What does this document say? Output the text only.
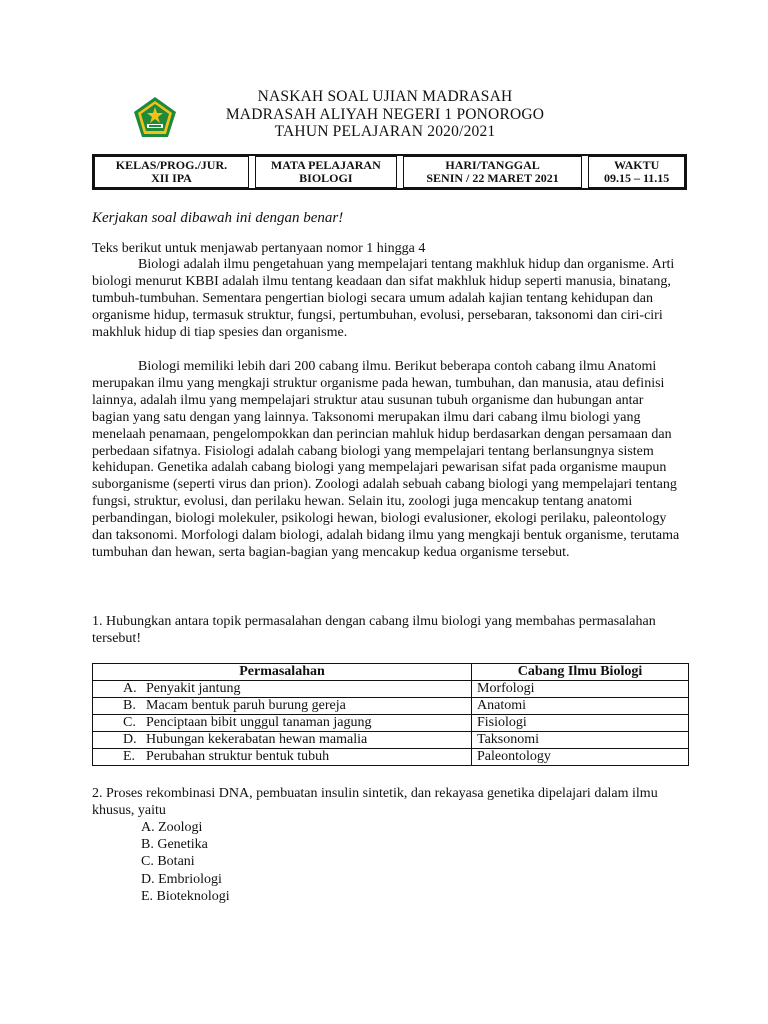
NASKAH SOAL UJIAN MADRASAH
MADRASAH ALIYAH NEGERI 1 PONOROGO
TAHUN PELAJARAN 2020/2021
KELAS/PROG./JUR.
XII IPA

MATA PELAJARAN
BIOLOGI

HARI/TANGGAL
SENIN / 22 MARET 2021

WAKTU
09.15 – 11.15
Kerjakan soal dibawah ini dengan benar!
Teks berikut untuk menjawab pertanyaan nomor 1 hingga 4
Biologi adalah ilmu pengetahuan yang mempelajari tentang makhluk hidup dan organisme. Arti biologi menurut KBBI adalah ilmu tentang keadaan dan sifat makhluk hidup seperti manusia, binatang, tumbuh-tumbuhan. Sementara pengertian biologi secara umum adalah kajian tentang kehidupan dan organisme hidup, termasuk struktur, fungsi, pertumbuhan, evolusi, persebaran, taksonomi dan ciri-ciri makhluk hidup di tiap spesies dan organisme.
Biologi memiliki lebih dari 200 cabang ilmu. Berikut beberapa contoh cabang ilmu Anatomi merupakan ilmu yang mengkaji struktur organisme pada hewan, tumbuhan, dan manusia, atau definisi lainnya, adalah ilmu yang mempelajari struktur atau susunan tubuh organisme dan hubungan antar bagian yang satu dengan yang lainnya. Taksonomi merupakan ilmu dari cabang ilmu biologi yang menelaah penamaan, pengelompokkan dan perincian mahluk hidup berdasarkan dengan persamaan dan perbedaan sifatnya. Fisiologi adalah cabang biologi yang mempelajari tentang berlansungnya sistem kehidupan. Genetika adalah cabang biologi yang mempelajari pewarisan sifat pada organisme maupun suborganisme (seperti virus dan prion). Zoologi adalah sebuah cabang biologi yang mempelajari tentang fungsi, struktur, evolusi, dan perilaku hewan. Selain itu, zoologi juga mencakup tentang anatomi perbandingan, biologi molekuler, psikologi hewan, biologi evalusioner, ekologi perilaku, paleontology dan taksonomi. Morfologi dalam biologi, adalah bidang ilmu yang mengkaji bentuk organisme, terutama tumbuhan dan hewan, serta bagian-bagian yang mencakup kedua organisme tersebut.
1. Hubungkan antara topik permasalahan dengan cabang ilmu biologi yang membahas permasalahan tersebut!
Permasalahan	Cabang Ilmu Biologi
A. Penyakit jantung	Morfologi
B. Macam bentuk paruh burung gereja	Anatomi
C. Penciptaan bibit unggul tanaman jagung	Fisiologi
D. Hubungan kekerabatan hewan mamalia	Taksonomi
E. Perubahan struktur bentuk tubuh	Paleontology
2. Proses rekombinasi DNA, pembuatan insulin sintetik, dan rekayasa genetika dipelajari dalam ilmu khusus, yaitu
A. Zoologi
B. Genetika
C. Botani
D. Embriologi
E. Bioteknologi
